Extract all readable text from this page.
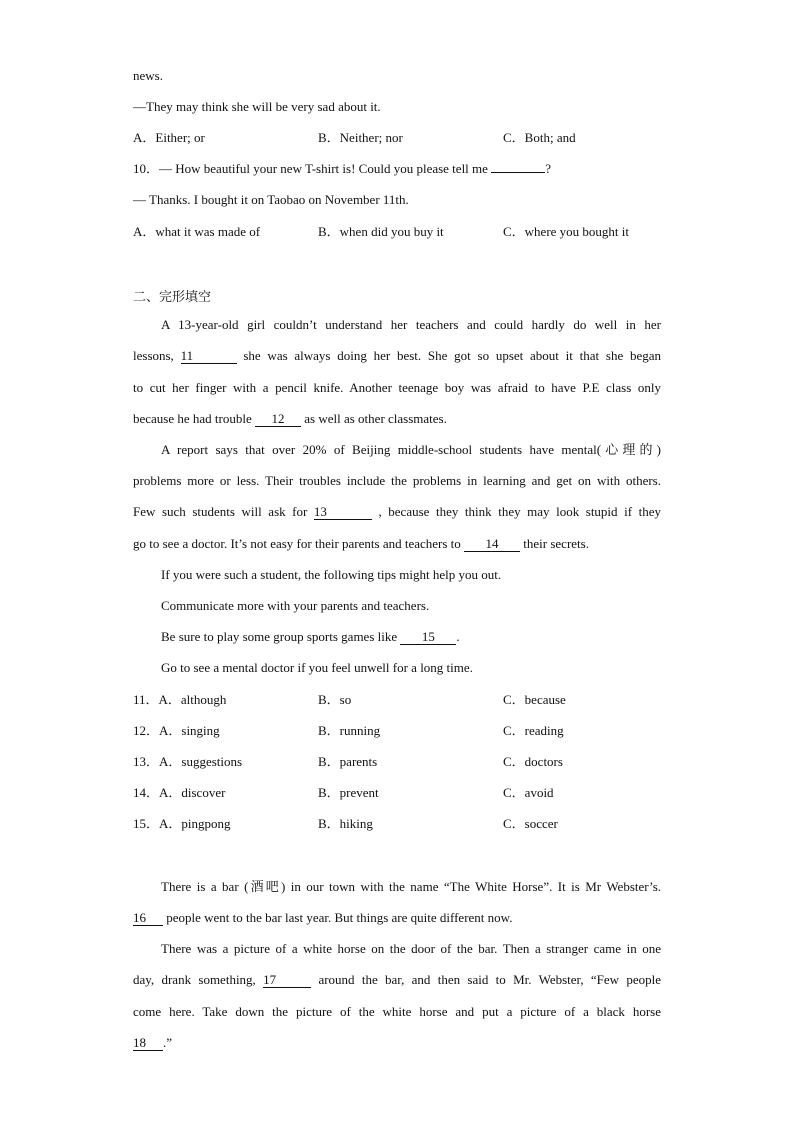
news.
—They may think she will be very sad about it.
A．Either; or	B．Neither; nor	C．Both; and
10．— How beautiful your new T-shirt is! Could you please tell me	?
— Thanks. I bought it on Taobao on November 11th.
A．what it was made of	B．when did you buy it	C．where you bought it
二、完形填空
A 13-year-old girl couldn’t understand her teachers and could hardly do well in her
lessons, 11	she was always doing her best. She got so upset about it that she began
to cut her finger with a pencil knife. Another teenage boy was afraid to have P.E class only
because he had trouble 12 as well as other classmates.
A report says that over 20% of Beijing middle-school students have mental(心理的)
problems more or less. Their troubles include the problems in learning and get on with others.
Few such students will ask for 13	, because they think they may look stupid if they
go to see a doctor. It’s not easy for their parents and teachers to 14 their secrets.
If you were such a student, the following tips might help you out.
Communicate more with your parents and teachers.
Be sure to play some group sports games like 15 .
Go to see a mental doctor if you feel unwell for a long time.
11．A．although	B．so	C．because
12．A．singing	B．running	C．reading
13．A．suggestions	B．parents	C．doctors
14．A．discover	B．prevent	C．avoid
15．A．pingpong	B．hiking	C．soccer
There is a bar (酒吧) in our town with the name “The White Horse”. It is Mr Webster’s.
16 people went to the bar last year. But things are quite different now.
There was a picture of a white horse on the door of the bar. Then a stranger came in one
day, drank something, 17	around the bar, and then said to Mr. Webster, “Few people
come here. Take down the picture of the white horse and put a picture of a black horse
18 .”
